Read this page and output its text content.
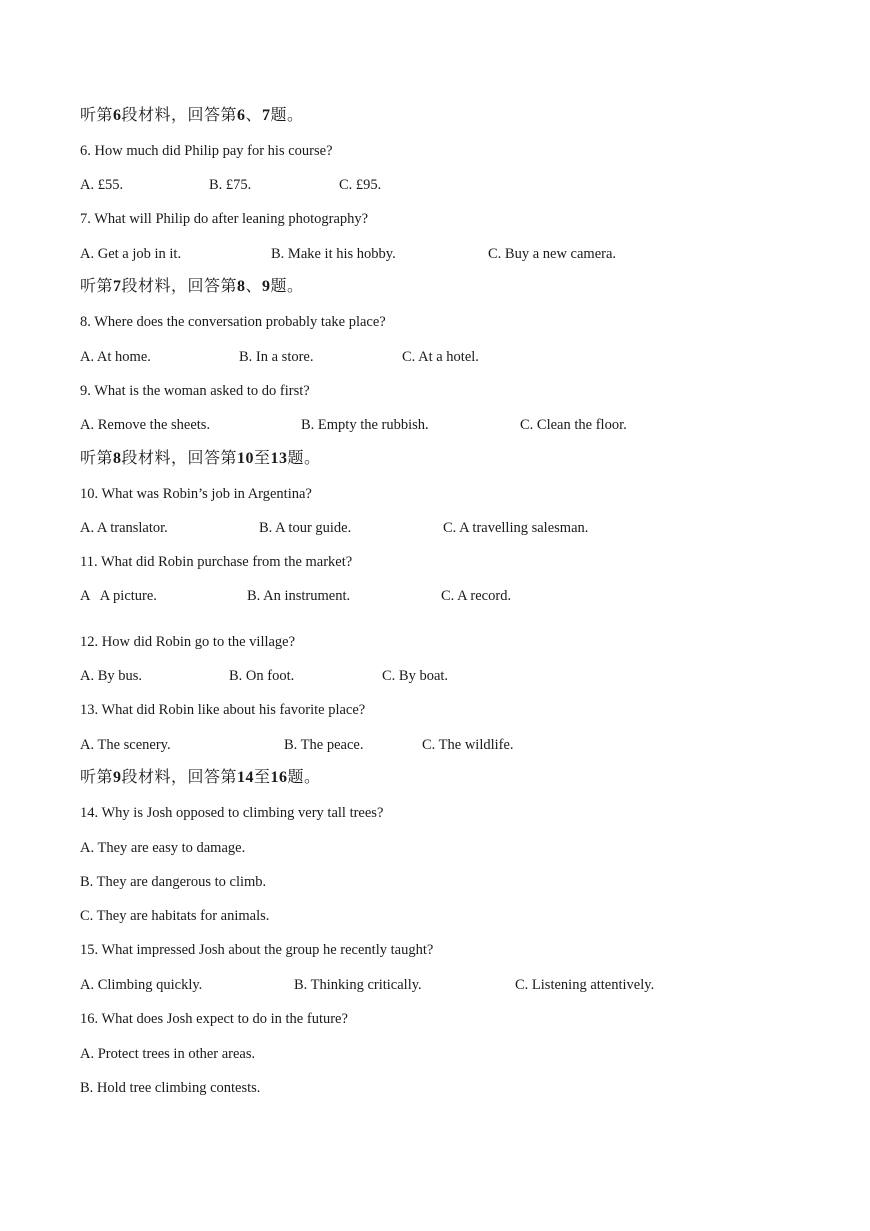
听第6段材料，回答第6、7题。
6. How much did Philip pay for his course?
A. £55.	B. £75.	C. £95.
7. What will Philip do after leaning photography?
A. Get a job in it.	B. Make it his hobby.	C. Buy a new camera.
听第7段材料，回答第8、9题。
8. Where does the conversation probably take place?
A. At home.	B. In a store.	C. At a hotel.
9. What is the woman asked to do first?
A. Remove the sheets.	B. Empty the rubbish.	C. Clean the floor.
听第8段材料，回答第10至13题。
10. What was Robin’s job in Argentina?
A. A translator.	B. A tour guide.	C. A travelling salesman.
11. What did Robin purchase from the market?
A   A picture.	B. An instrument.	C. A record.
12. How did Robin go to the village?
A. By bus.	B. On foot.	C. By boat.
13. What did Robin like about his favorite place?
A. The scenery.	B. The peace.	C. The wildlife.
听第9段材料，回答第14至16题。
14. Why is Josh opposed to climbing very tall trees?
A. They are easy to damage.
B. They are dangerous to climb.
C. They are habitats for animals.
15. What impressed Josh about the group he recently taught?
A. Climbing quickly.	B. Thinking critically.	C. Listening attentively.
16. What does Josh expect to do in the future?
A. Protect trees in other areas.
B. Hold tree climbing contests.
